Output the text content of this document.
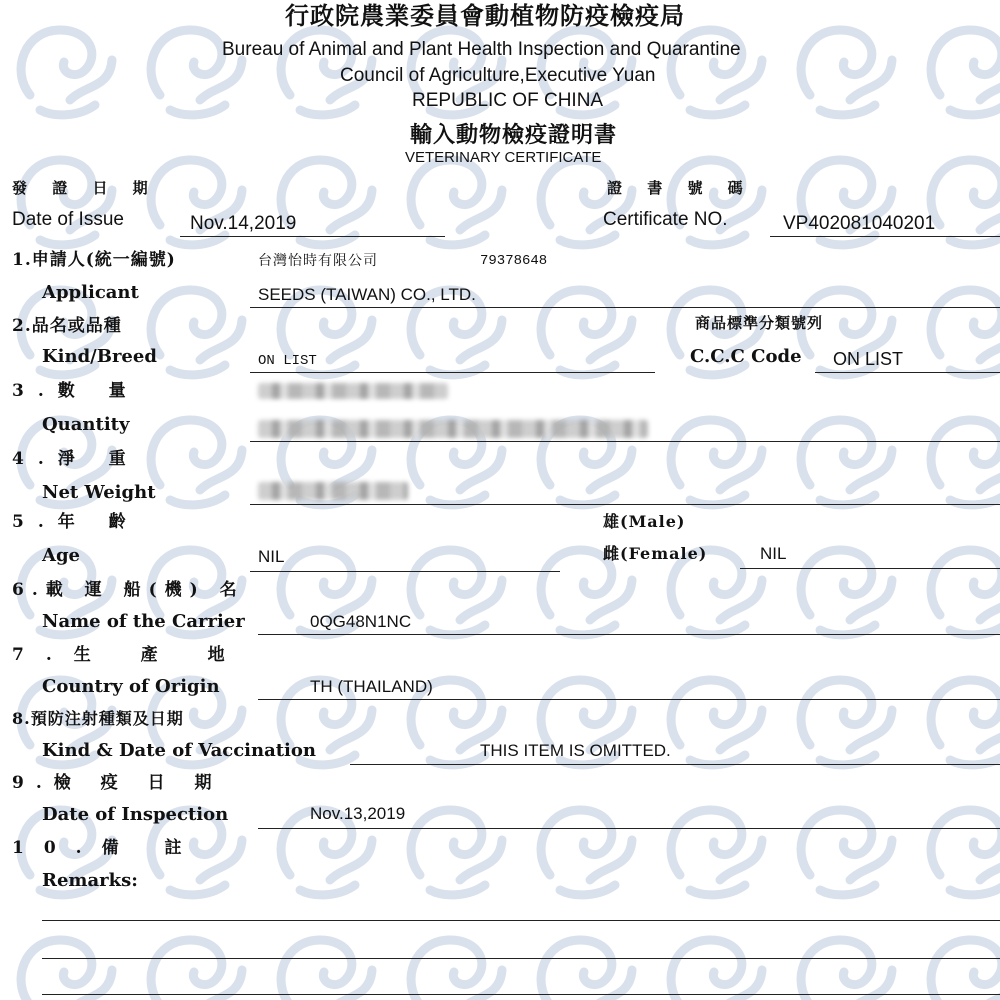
行政院農業委員會動植物防疫檢疫局
Bureau of Animal and Plant Health Inspection and Quarantine
Council of Agriculture,Executive Yuan
REPUBLIC OF CHINA
輸入動物檢疫證明書
VETERINARY CERTIFICATE
發 證 日 期
Date of Issue	Nov.14,2019
證 書 號 碼
Certificate NO.	VP402081040201
1.申請人(統一編號)	台灣怡時有限公司	79378648
Applicant	SEEDS (TAIWAN) CO., LTD.
2.品名或品種	商品標準分類號列
Kind/Breed	ON LIST	C.C.C Code ON LIST
3.數 量
Quantity
4.淨 重
Net Weight
5.年 齡	雄(Male)
Age	NIL	雌(Female)	NIL
6.載 運 船(機) 名
Name of the Carrier	0QG48N1NC
7.生 產 地
Country of Origin	TH (THAILAND)
8.預防注射種類及日期
Kind & Date of Vaccination	THIS ITEM IS OMITTED.
9.檢 疫 日 期
Date of Inspection	Nov.13,2019
10.備 註
Remarks:
